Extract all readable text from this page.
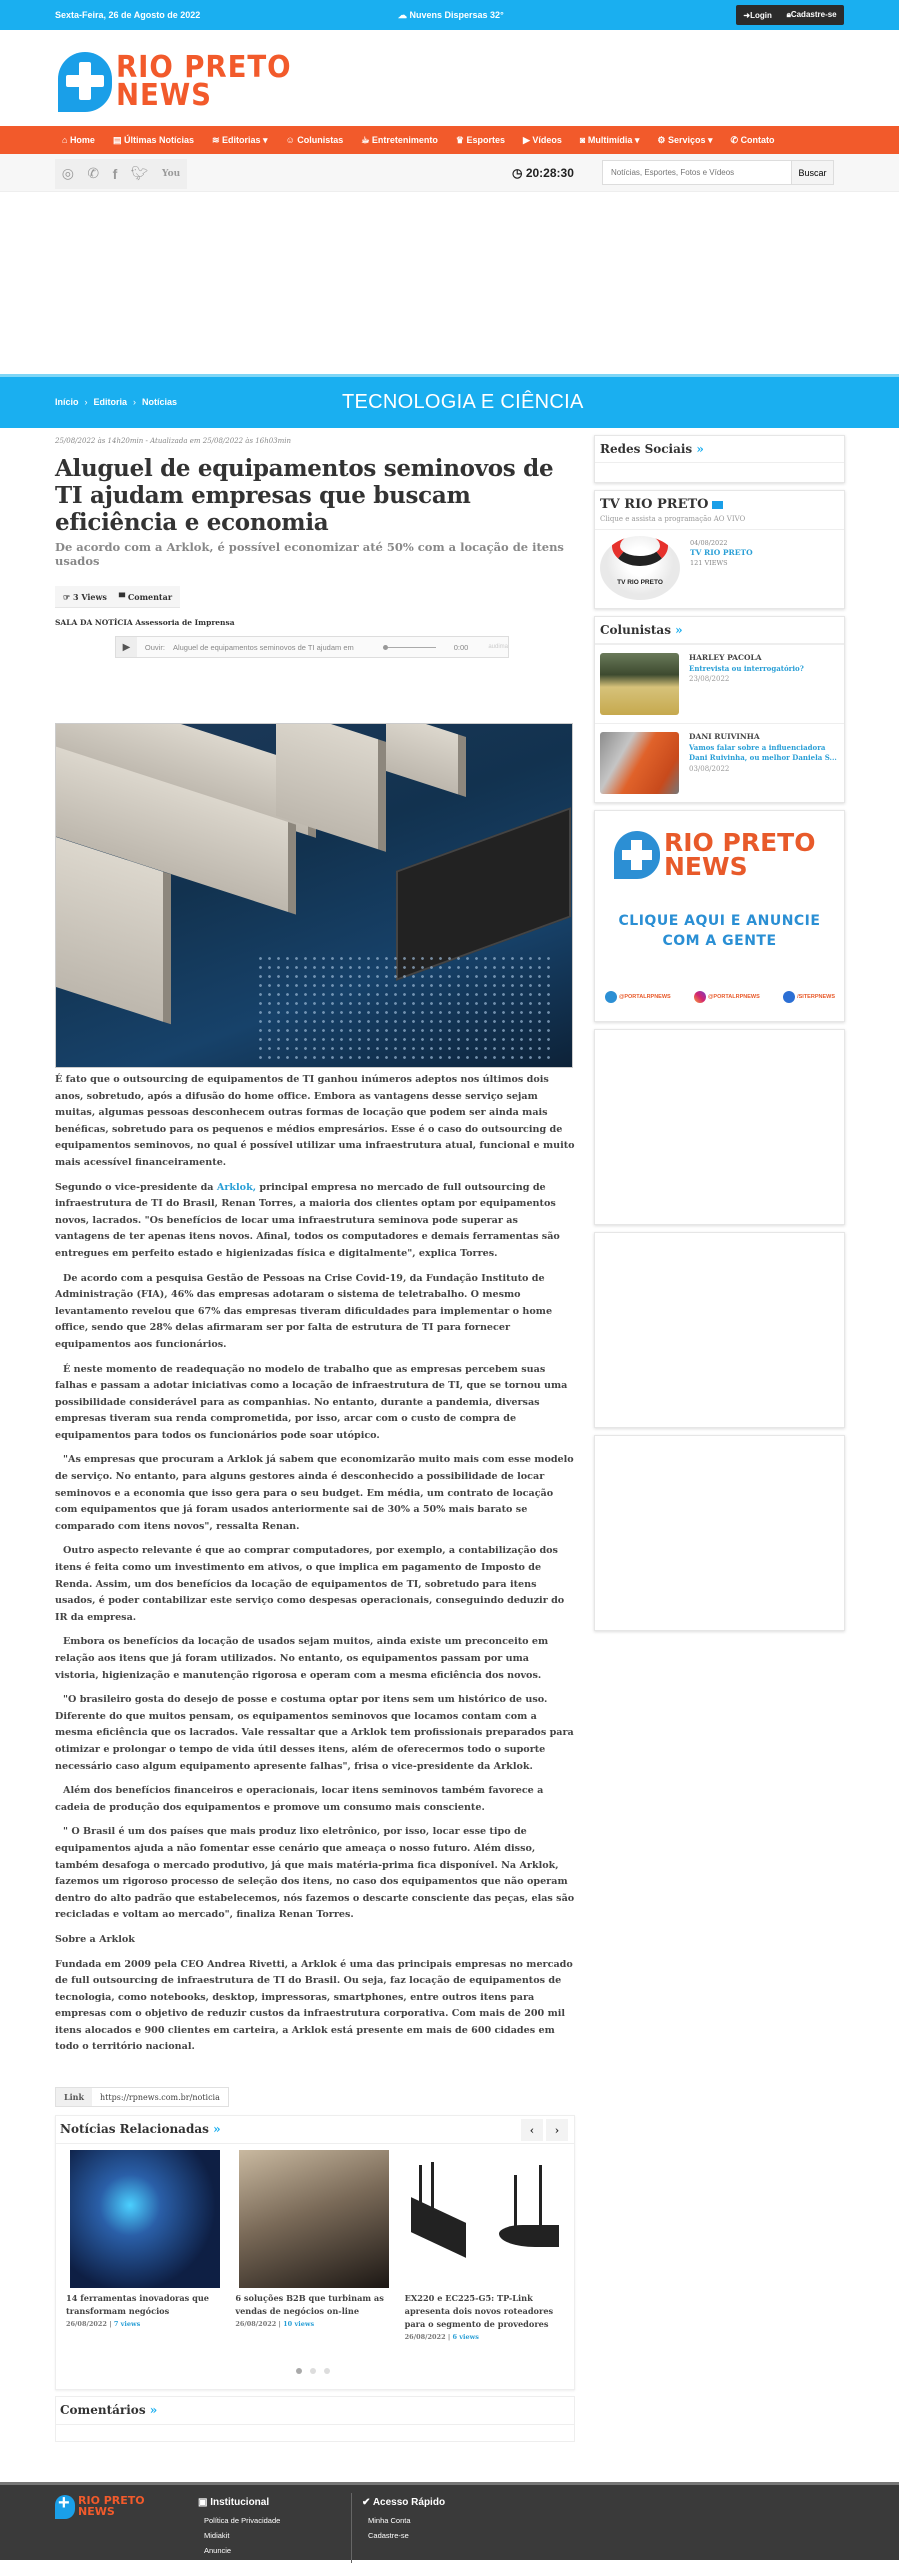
Sexta-Feira, 26 de Agosto de 2022	☁ Nuvens Dispersas 32°	➜Login 🔒︎Cadastre-se
RIO PRETO
NEWS
⌂ Home ▤ Últimas Notícias ≋ Editorias ▾ ☺ Colunistas ☕︎ Entretenimento ♛ Esportes ▶ Vídeos ◙ Multimídia ▾ ⚙ Serviços ▾ ✆ Contato
◎ ✆ f 🐦︎ You	◷ 20:28:30
Notícias, Esportes, Fotos e Vídeos	Buscar
Início › Editoria › Notícias	TECNOLOGIA E CIÊNCIA
25/08/2022 às 14h20min - Atualizada em 25/08/2022 às 16h03min
Aluguel de equipamentos seminovos de TI ajudam empresas que buscam eficiência e economia
De acordo com a Arklok, é possível economizar até 50% com a locação de itens usados
☞ 3 Views ▀ Comentar
SALA DA NOTÍCIA Assessoria de Imprensa
▶ Ouvir: Aluguel de equipamentos seminovos de TI ajudam em	0:00	audima

É fato que o outsourcing de equipamentos de TI ganhou inúmeros adeptos nos últimos dois anos, sobretudo, após a difusão do home office. Embora as vantagens desse serviço sejam muitas, algumas pessoas desconhecem outras formas de locação que podem ser ainda mais benéficas, sobretudo para os pequenos e médios empresários. Esse é o caso do outsourcing de equipamentos seminovos, no qual é possível utilizar uma infraestrutura atual, funcional e muito mais acessível financeiramente.

Segundo o vice-presidente da Arklok, principal empresa no mercado de full outsourcing de infraestrutura de TI do Brasil, Renan Torres, a maioria dos clientes optam por equipamentos novos, lacrados. "Os benefícios de locar uma infraestrutura seminova pode superar as vantagens de ter apenas itens novos. Afinal, todos os computadores e demais ferramentas são entregues em perfeito estado e higienizadas física e digitalmente", explica Torres.

De acordo com a pesquisa Gestão de Pessoas na Crise Covid-19, da Fundação Instituto de Administração (FIA), 46% das empresas adotaram o sistema de teletrabalho. O mesmo levantamento revelou que 67% das empresas tiveram dificuldades para implementar o home office, sendo que 28% delas afirmaram ser por falta de estrutura de TI para fornecer equipamentos aos funcionários.

É neste momento de readequação no modelo de trabalho que as empresas percebem suas falhas e passam a adotar iniciativas como a locação de infraestrutura de TI, que se tornou uma possibilidade considerável para as companhias. No entanto, durante a pandemia, diversas empresas tiveram sua renda comprometida, por isso, arcar com o custo de compra de equipamentos para todos os funcionários pode soar utópico.

"As empresas que procuram a Arklok já sabem que economizarão muito mais com esse modelo de serviço. No entanto, para alguns gestores ainda é desconhecido a possibilidade de locar seminovos e a economia que isso gera para o seu budget. Em média, um contrato de locação com equipamentos que já foram usados anteriormente sai de 30% a 50% mais barato se comparado com itens novos", ressalta Renan.

Outro aspecto relevante é que ao comprar computadores, por exemplo, a contabilização dos itens é feita como um investimento em ativos, o que implica em pagamento de Imposto de Renda. Assim, um dos benefícios da locação de equipamentos de TI, sobretudo para itens usados, é poder contabilizar este serviço como despesas operacionais, conseguindo deduzir do IR da empresa.

Embora os benefícios da locação de usados sejam muitos, ainda existe um preconceito em relação aos itens que já foram utilizados. No entanto, os equipamentos passam por uma vistoria, higienização e manutenção rigorosa e operam com a mesma eficiência dos novos.

"O brasileiro gosta do desejo de posse e costuma optar por itens sem um histórico de uso. Diferente do que muitos pensam, os equipamentos seminovos que locamos contam com a mesma eficiência que os lacrados. Vale ressaltar que a Arklok tem profissionais preparados para otimizar e prolongar o tempo de vida útil desses itens, além de oferecermos todo o suporte necessário caso algum equipamento apresente falhas", frisa o vice-presidente da Arklok.

Além dos benefícios financeiros e operacionais, locar itens seminovos também favorece a cadeia de produção dos equipamentos e promove um consumo mais consciente.

" O Brasil é um dos países que mais produz lixo eletrônico, por isso, locar esse tipo de equipamentos ajuda a não fomentar esse cenário que ameaça o nosso futuro. Além disso, também desafoga o mercado produtivo, já que mais matéria-prima fica disponível. Na Arklok, fazemos um rigoroso processo de seleção dos itens, no caso dos equipamentos que não operam dentro do alto padrão que estabelecemos, nós fazemos o descarte consciente das peças, elas são recicladas e voltam ao mercado", finaliza Renan Torres.

Sobre a Arklok

Fundada em 2009 pela CEO Andrea Rivetti, a Arklok é uma das principais empresas no mercado de full outsourcing de infraestrutura de TI do Brasil. Ou seja, faz locação de equipamentos de tecnologia, como notebooks, desktop, impressoras, smartphones, entre outros itens para empresas com o objetivo de reduzir custos da infraestrutura corporativa. Com mais de 200 mil itens alocados e 900 clientes em carteira, a Arklok está presente em mais de 600 cidades em todo o território nacional.

Link	https://rpnews.com.br/noticia
Notícias Relacionadas »	‹ ›
14 ferramentas inovadoras que transformam negócios
26/08/2022 | 7 views
6 soluções B2B que turbinam as vendas de negócios on-line
26/08/2022 | 10 views
EX220 e EC225-G5: TP-Link apresenta dois novos roteadores para o segmento de provedores
26/08/2022 | 6 views
Comentários »
Redes Sociais »
TV RIO PRETO
Clique e assista a programação AO VIVO
TV RIO PRETO
04/08/2022
TV RIO PRETO
121 VIEWS
Colunistas »
HARLEY PACOLA
Entrevista ou interrogatório?
23/08/2022
DANI RUIVINHA
Vamos falar sobre a influenciadora Dani Ruivinha, ou melhor Daniela S...
03/08/2022
RIO PRETO
NEWS
CLIQUE AQUI E ANUNCIE
COM A GENTE
@PORTALRPNEWS	@PORTALRPNEWS	/SITERPNEWS
+
RIO PRETO
NEWS
▣ Institucional
Política de Privacidade
Midiakit
Anuncie
✔ Acesso Rápido
Minha Conta
Cadastre-se
